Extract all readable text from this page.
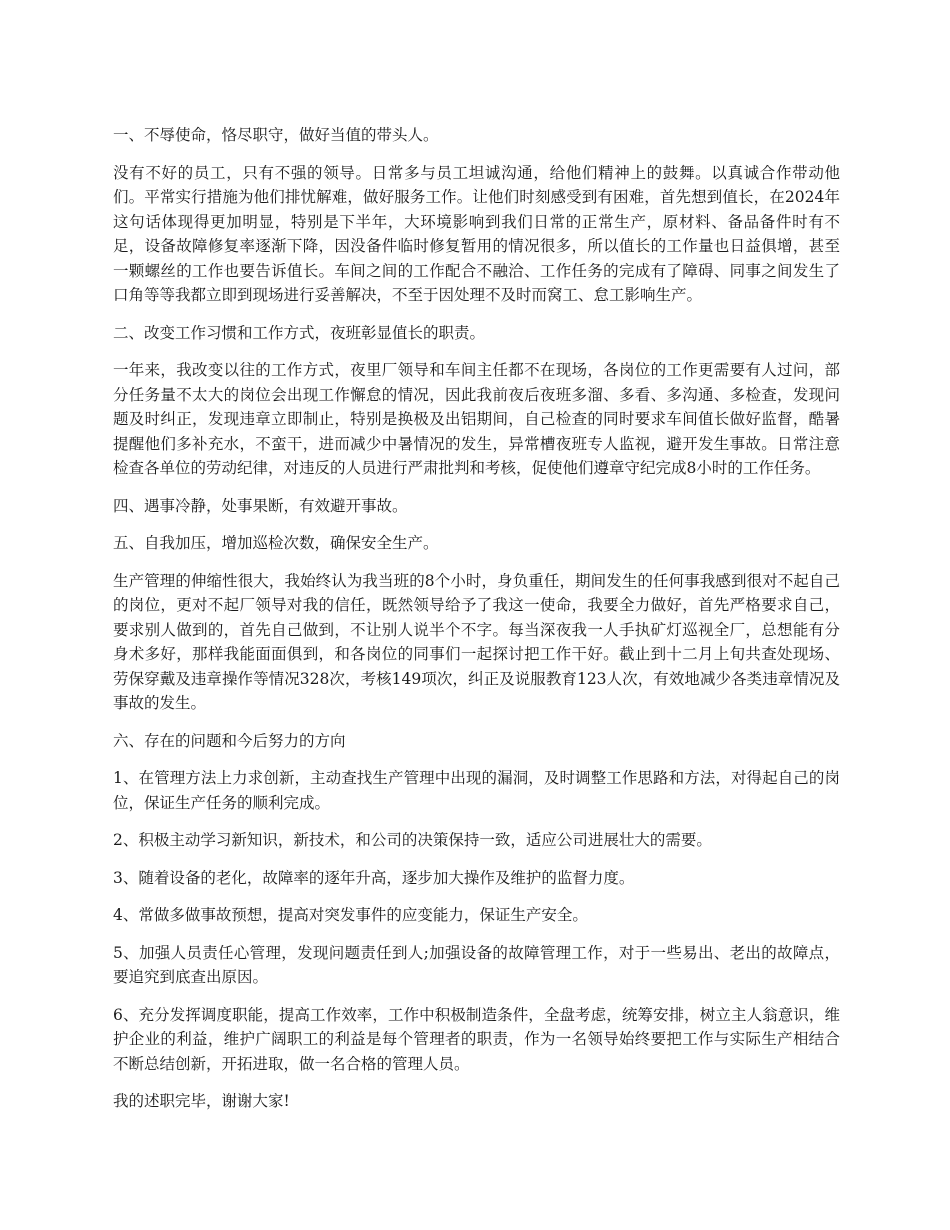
一、不辱使命，恪尽职守，做好当值的带头人。

没有不好的员工，只有不强的领导。日常多与员工坦诚沟通，给他们精神上的鼓舞。以真诚合作带动他们。平常实行措施为他们排忧解难，做好服务工作。让他们时刻感受到有困难，首先想到值长，在2024年这句话体现得更加明显，特别是下半年，大环境影响到我们日常的正常生产，原材料、备品备件时有不足，设备故障修复率逐渐下降，因没备件临时修复暂用的情况很多，所以值长的工作量也日益俱增，甚至一颗螺丝的工作也要告诉值长。车间之间的工作配合不融洽、工作任务的完成有了障碍、同事之间发生了口角等等我都立即到现场进行妥善解决，不至于因处理不及时而窝工、怠工影响生产。

二、改变工作习惯和工作方式，夜班彰显值长的职责。

一年来，我改变以往的工作方式，夜里厂领导和车间主任都不在现场，各岗位的工作更需要有人过问，部分任务量不太大的岗位会出现工作懈怠的情况，因此我前夜后夜班多溜、多看、多沟通、多检查，发现问题及时纠正，发现违章立即制止，特别是换极及出铝期间，自己检查的同时要求车间值长做好监督，酷暑提醒他们多补充水，不蛮干，进而减少中暑情况的发生，异常槽夜班专人监视，避开发生事故。日常注意检查各单位的劳动纪律，对违反的人员进行严肃批判和考核，促使他们遵章守纪完成8小时的工作任务。

四、遇事冷静，处事果断，有效避开事故。

五、自我加压，增加巡检次数，确保安全生产。

生产管理的伸缩性很大，我始终认为我当班的8个小时，身负重任，期间发生的任何事我感到很对不起自己的岗位，更对不起厂领导对我的信任，既然领导给予了我这一使命，我要全力做好，首先严格要求自己，要求别人做到的，首先自己做到，不让别人说半个不字。每当深夜我一人手执矿灯巡视全厂，总想能有分身术多好，那样我能面面俱到，和各岗位的同事们一起探讨把工作干好。截止到十二月上旬共查处现场、劳保穿戴及违章操作等情况328次，考核149项次，纠正及说服教育123人次，有效地减少各类违章情况及事故的发生。

六、存在的问题和今后努力的方向

1、在管理方法上力求创新，主动查找生产管理中出现的漏洞，及时调整工作思路和方法，对得起自己的岗位，保证生产任务的顺利完成。

2、积极主动学习新知识，新技术，和公司的决策保持一致，适应公司进展壮大的需要。

3、随着设备的老化，故障率的逐年升高，逐步加大操作及维护的监督力度。

4、常做多做事故预想，提高对突发事件的应变能力，保证生产安全。

5、加强人员责任心管理，发现问题责任到人;加强设备的故障管理工作，对于一些易出、老出的故障点，要追究到底查出原因。

6、充分发挥调度职能，提高工作效率，工作中积极制造条件，全盘考虑，统筹安排，树立主人翁意识，维护企业的利益，维护广阔职工的利益是每个管理者的职责，作为一名领导始终要把工作与实际生产相结合不断总结创新，开拓进取，做一名合格的管理人员。

我的述职完毕，谢谢大家!
